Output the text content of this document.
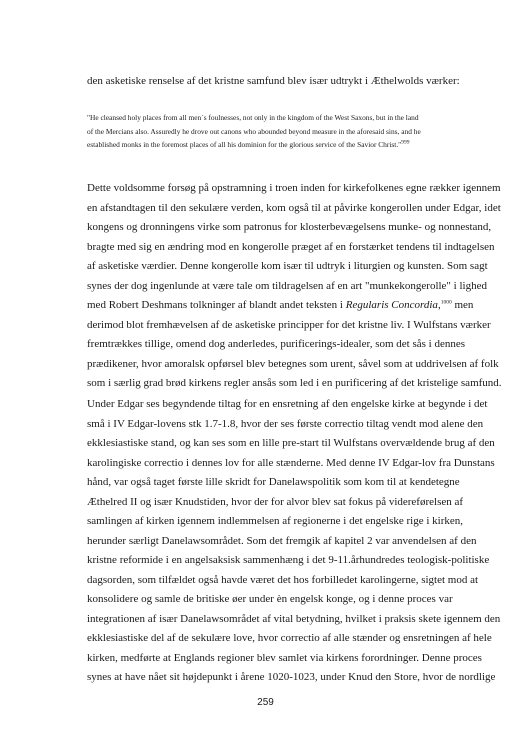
den asketiske renselse af det kristne samfund blev især udtrykt i Æthelwolds værker:

"He cleansed holy places from all men´s foulnesses, not only in the kingdom of the West Saxons, but in the land
of the Mercians also. Assuredly he drove out canons who abounded beyond measure in the aforesaid sins, and he
established monks in the foremost places of all his dominion for the glorious service of the Savior Christ."$^{999}$

Dette voldsomme forsøg på opstramning i troen inden for kirkefolkenes egne rækker igennem
en afstandtagen til den sekulære verden, kom også til at påvirke kongerollen under Edgar, idet
kongens og dronningens virke som patronus for klosterbevægelsens munke- og nonnestand,
bragte med sig en ændring mod en kongerolle præget af en forstærket tendens til indtagelsen
af asketiske værdier. Denne kongerolle kom især til udtryk i liturgien og kunsten. Som sagt
synes der dog ingenlunde at være tale om tildragelsen af en art "munkekongerolle" i lighed
med Robert Deshmans tolkninger af blandt andet teksten i Regularis Concordia,$^{1000}$ men
derimod blot fremhævelsen af de asketiske principper for det kristne liv. I Wulfstans værker
fremtrækkes tillige, omend dog anderledes, purificerings-idealer, som det sås i dennes
prædikener, hvor amoralsk opførsel blev betegnes som urent, såvel som at uddrivelsen af folk
som i særlig grad brød kirkens regler ansås som led i en purificering af det kristelige samfund.

Under Edgar ses begyndende tiltag for en ensretning af den engelske kirke at begynde i det
små i IV Edgar-lovens stk 1.7-1.8, hvor der ses første correctio tiltag vendt mod alene den
ekklesiastiske stand, og kan ses som en lille pre-start til Wulfstans overvældende brug af den
karolingiske correctio i dennes lov for alle stænderne. Med denne IV Edgar-lov fra Dunstans
hånd, var også taget første lille skridt for Danelawspolitik som kom til at kendetegne
Æthelred II og især Knudstiden, hvor der for alvor blev sat fokus på videreførelsen af
samlingen af kirken igennem indlemmelsen af regionerne i det engelske rige i kirken,
herunder særligt Danelawsområdet. Som det fremgik af kapitel 2 var anvendelsen af den
kristne reformide i en angelsaksisk sammenhæng i det 9-11.århundredes teologisk-politiske
dagsorden, som tilfældet også havde været det hos forbilledet karolingerne, sigtet mod at
konsolidere og samle de britiske øer under èn engelsk konge, og i denne proces var
integrationen af især Danelawsområdet af vital betydning, hvilket i praksis skete igennem den
ekklesiastiske del af de sekulære love, hvor correctio af alle stænder og ensretningen af hele
kirken, medførte at Englands regioner blev samlet via kirkens forordninger. Denne proces
synes at have nået sit højdepunkt i årene 1020-1023, under Knud den Store, hvor de nordlige

259
